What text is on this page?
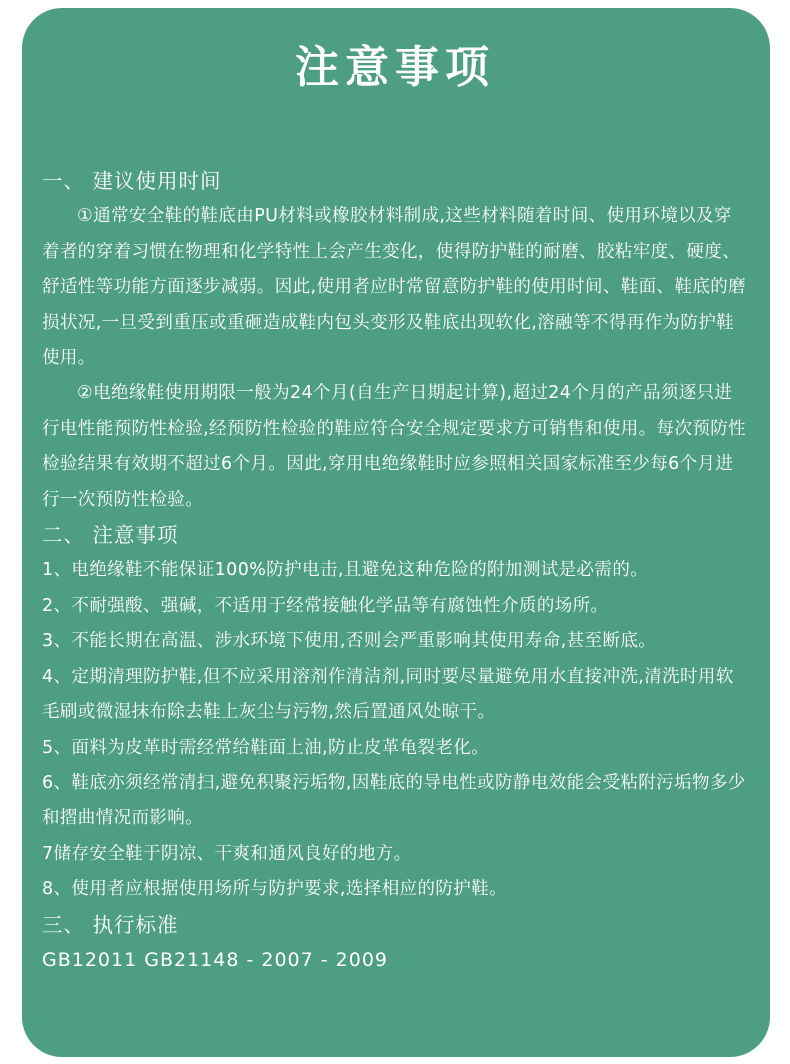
注意事项
一、 建议使用时间

①通常安全鞋的鞋底由PU材料或橡胶材料制成,这些材料随着时间、使用环境以及穿着者的穿着习惯在物理和化学特性上会产生变化，使得防护鞋的耐磨、胶粘牢度、硬度、舒适性等功能方面逐步减弱。因此,使用者应时常留意防护鞋的使用时间、鞋面、鞋底的磨损状况,一旦受到重压或重砸造成鞋内包头变形及鞋底出现软化,溶融等不得再作为防护鞋使用。

②电绝缘鞋使用期限一般为24个月(自生产日期起计算),超过24个月的产品须逐只进行电性能预防性检验,经预防性检验的鞋应符合安全规定要求方可销售和使用。每次预防性检验结果有效期不超过6个月。因此,穿用电绝缘鞋时应参照相关国家标准至少每6个月进行一次预防性检验。

二、 注意事项

1、电绝缘鞋不能保证100%防护电击,且避免这种危险的附加测试是必需的。

2、不耐强酸、强碱，不适用于经常接触化学品等有腐蚀性介质的场所。

3、不能长期在高温、涉水环境下使用,否则会严重影响其使用寿命,甚至断底。

4、定期清理防护鞋,但不应采用溶剂作清洁剂,同时要尽量避免用水直接冲洗,清洗时用软毛刷或微湿抹布除去鞋上灰尘与污物,然后置通风处晾干。

5、面料为皮革时需经常给鞋面上油,防止皮革龟裂老化。

6、鞋底亦须经常清扫,避免积聚污垢物,因鞋底的导电性或防静电效能会受粘附污垢物多少和摺曲情况而影响。

7储存安全鞋于阴凉、干爽和通风良好的地方。

8、使用者应根据使用场所与防护要求,选择相应的防护鞋。

三、 执行标准

GB12011 GB21148 - 2007 - 2009
